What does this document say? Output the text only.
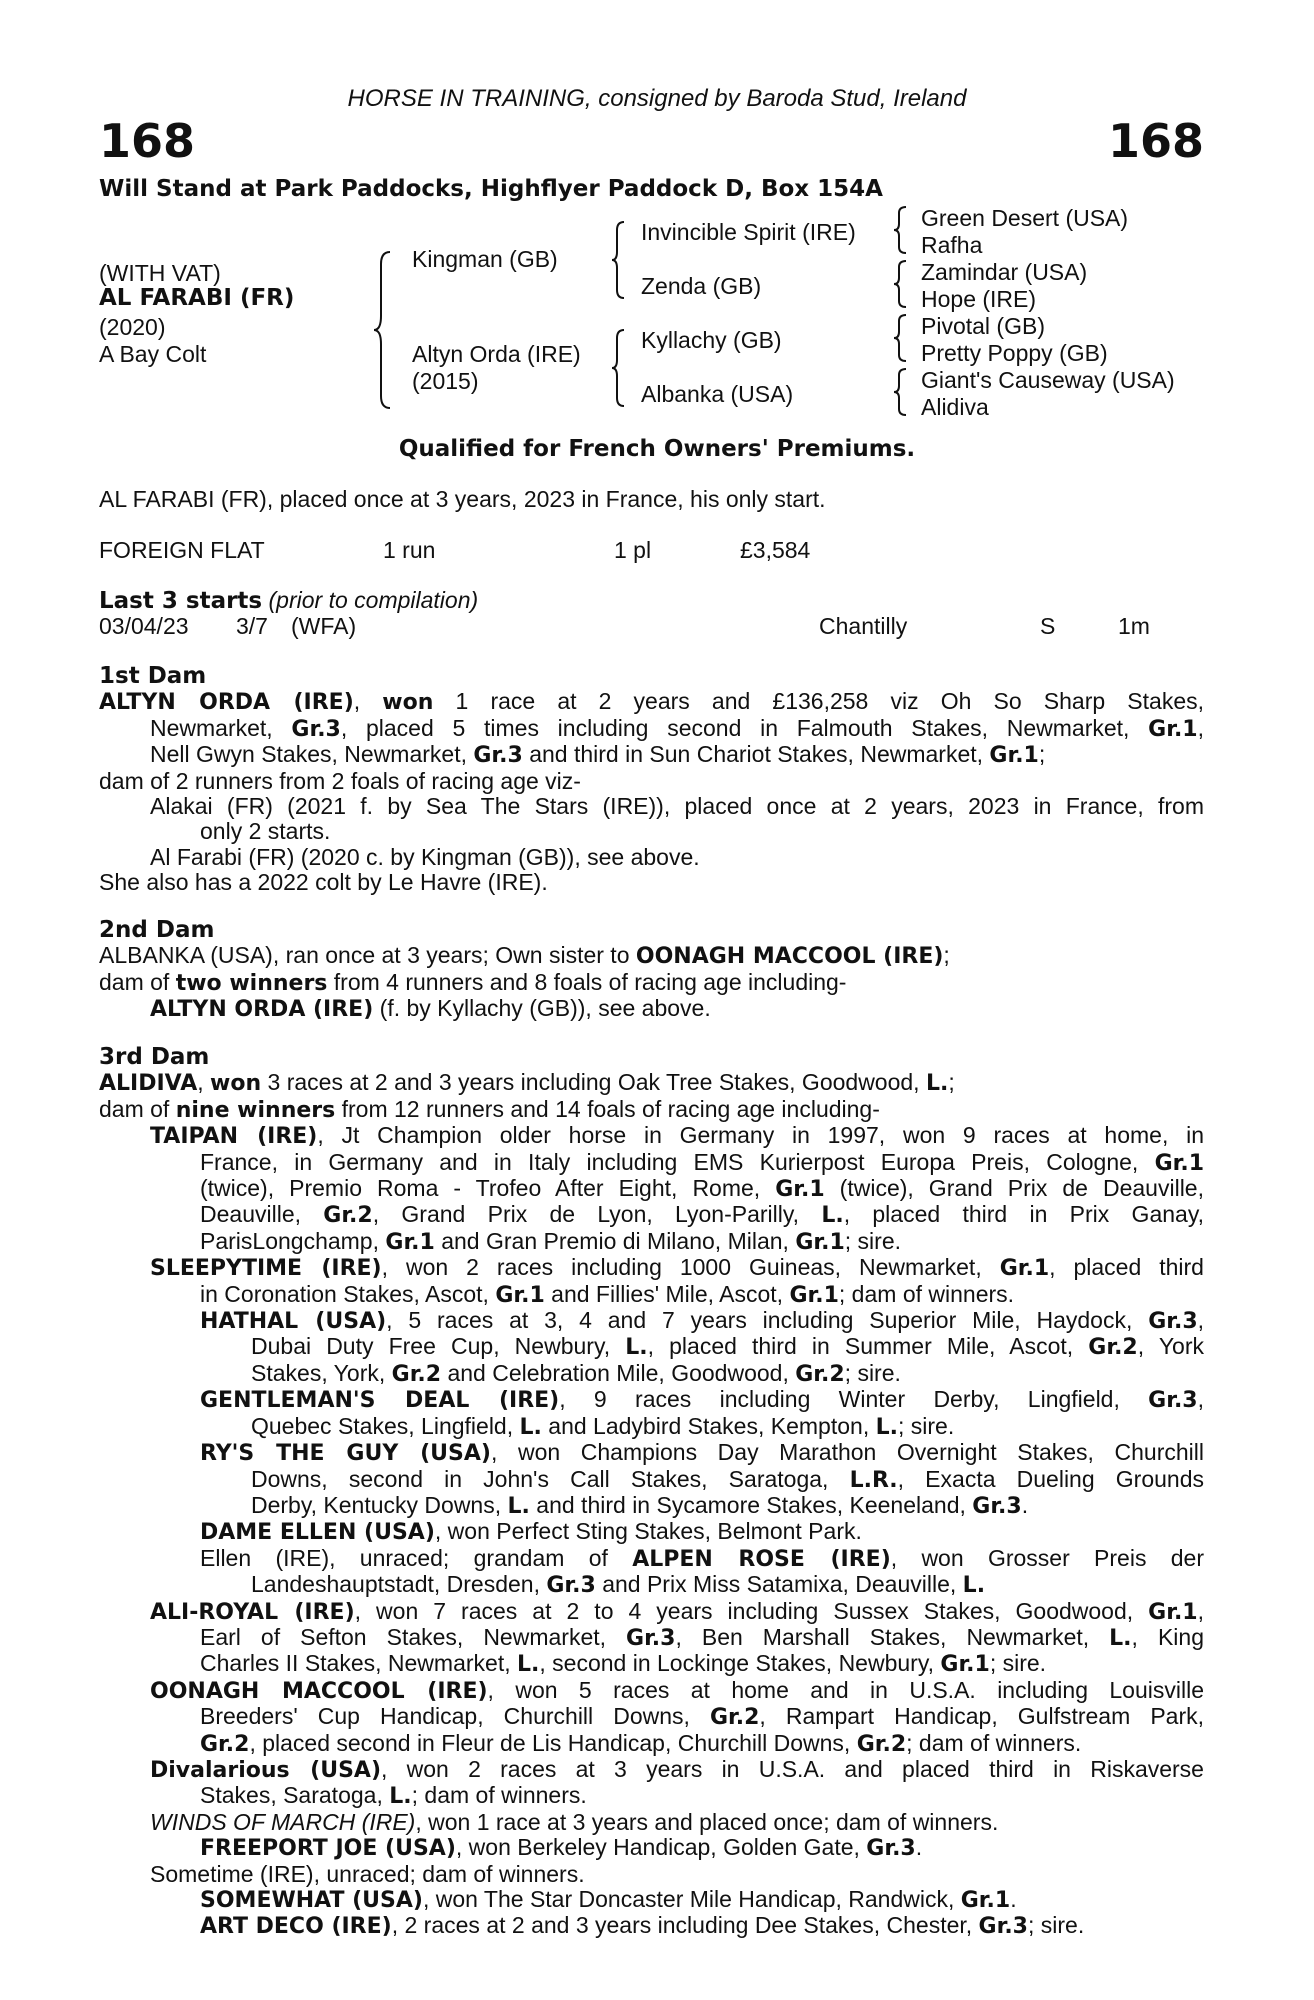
HORSE IN TRAINING, consigned by Baroda Stud, Ireland
168	168
Will Stand at Park Paddocks, Highflyer Paddock D, Box 154A
(WITH VAT)
AL FARABI (FR)
(2020)
A Bay Colt
Kingman (GB)
Altyn Orda (IRE)
(2015)
Invincible Spirit (IRE)
Zenda (GB)
Kyllachy (GB)
Albanka (USA)
Green Desert (USA)
Rafha
Zamindar (USA)
Hope (IRE)
Pivotal (GB)
Pretty Poppy (GB)
Giant's Causeway (USA)
Alidiva
Qualified for French Owners' Premiums.
AL FARABI (FR), placed once at 3 years, 2023 in France, his only start.
FOREIGN FLAT	1 run	1 pl	£3,584
Last 3 starts (prior to compilation)
03/04/23 3/7 (WFA)	Chantilly	S	1m
1st Dam
ALTYN ORDA (IRE), won 1 race at 2 years and £136,258 viz Oh So Sharp Stakes,
Newmarket, Gr.3, placed 5 times including second in Falmouth Stakes, Newmarket, Gr.1,
Nell Gwyn Stakes, Newmarket, Gr.3 and third in Sun Chariot Stakes, Newmarket, Gr.1;
dam of 2 runners from 2 foals of racing age viz-
Alakai (FR) (2021 f. by Sea The Stars (IRE)), placed once at 2 years, 2023 in France, from
only 2 starts.
Al Farabi (FR) (2020 c. by Kingman (GB)), see above.
She also has a 2022 colt by Le Havre (IRE).
2nd Dam
ALBANKA (USA), ran once at 3 years; Own sister to OONAGH MACCOOL (IRE);
dam of two winners from 4 runners and 8 foals of racing age including-
ALTYN ORDA (IRE) (f. by Kyllachy (GB)), see above.
3rd Dam
ALIDIVA, won 3 races at 2 and 3 years including Oak Tree Stakes, Goodwood, L.;
dam of nine winners from 12 runners and 14 foals of racing age including-
TAIPAN (IRE), Jt Champion older horse in Germany in 1997, won 9 races at home, in
France, in Germany and in Italy including EMS Kurierpost Europa Preis, Cologne, Gr.1
(twice), Premio Roma - Trofeo After Eight, Rome, Gr.1 (twice), Grand Prix de Deauville,
Deauville, Gr.2, Grand Prix de Lyon, Lyon-Parilly, L., placed third in Prix Ganay,
ParisLongchamp, Gr.1 and Gran Premio di Milano, Milan, Gr.1; sire.
SLEEPYTIME (IRE), won 2 races including 1000 Guineas, Newmarket, Gr.1, placed third
in Coronation Stakes, Ascot, Gr.1 and Fillies' Mile, Ascot, Gr.1; dam of winners.
HATHAL (USA), 5 races at 3, 4 and 7 years including Superior Mile, Haydock, Gr.3,
Dubai Duty Free Cup, Newbury, L., placed third in Summer Mile, Ascot, Gr.2, York
Stakes, York, Gr.2 and Celebration Mile, Goodwood, Gr.2; sire.
GENTLEMAN'S DEAL (IRE), 9 races including Winter Derby, Lingfield, Gr.3,
Quebec Stakes, Lingfield, L. and Ladybird Stakes, Kempton, L.; sire.
RY'S THE GUY (USA), won Champions Day Marathon Overnight Stakes, Churchill
Downs, second in John's Call Stakes, Saratoga, L.R., Exacta Dueling Grounds
Derby, Kentucky Downs, L. and third in Sycamore Stakes, Keeneland, Gr.3.
DAME ELLEN (USA), won Perfect Sting Stakes, Belmont Park.
Ellen (IRE), unraced; grandam of ALPEN ROSE (IRE), won Grosser Preis der
Landeshauptstadt, Dresden, Gr.3 and Prix Miss Satamixa, Deauville, L.
ALI-ROYAL (IRE), won 7 races at 2 to 4 years including Sussex Stakes, Goodwood, Gr.1,
Earl of Sefton Stakes, Newmarket, Gr.3, Ben Marshall Stakes, Newmarket, L., King
Charles II Stakes, Newmarket, L., second in Lockinge Stakes, Newbury, Gr.1; sire.
OONAGH MACCOOL (IRE), won 5 races at home and in U.S.A. including Louisville
Breeders' Cup Handicap, Churchill Downs, Gr.2, Rampart Handicap, Gulfstream Park,
Gr.2, placed second in Fleur de Lis Handicap, Churchill Downs, Gr.2; dam of winners.
Divalarious (USA), won 2 races at 3 years in U.S.A. and placed third in Riskaverse
Stakes, Saratoga, L.; dam of winners.
WINDS OF MARCH (IRE), won 1 race at 3 years and placed once; dam of winners.
FREEPORT JOE (USA), won Berkeley Handicap, Golden Gate, Gr.3.
Sometime (IRE), unraced; dam of winners.
SOMEWHAT (USA), won The Star Doncaster Mile Handicap, Randwick, Gr.1.
ART DECO (IRE), 2 races at 2 and 3 years including Dee Stakes, Chester, Gr.3; sire.
